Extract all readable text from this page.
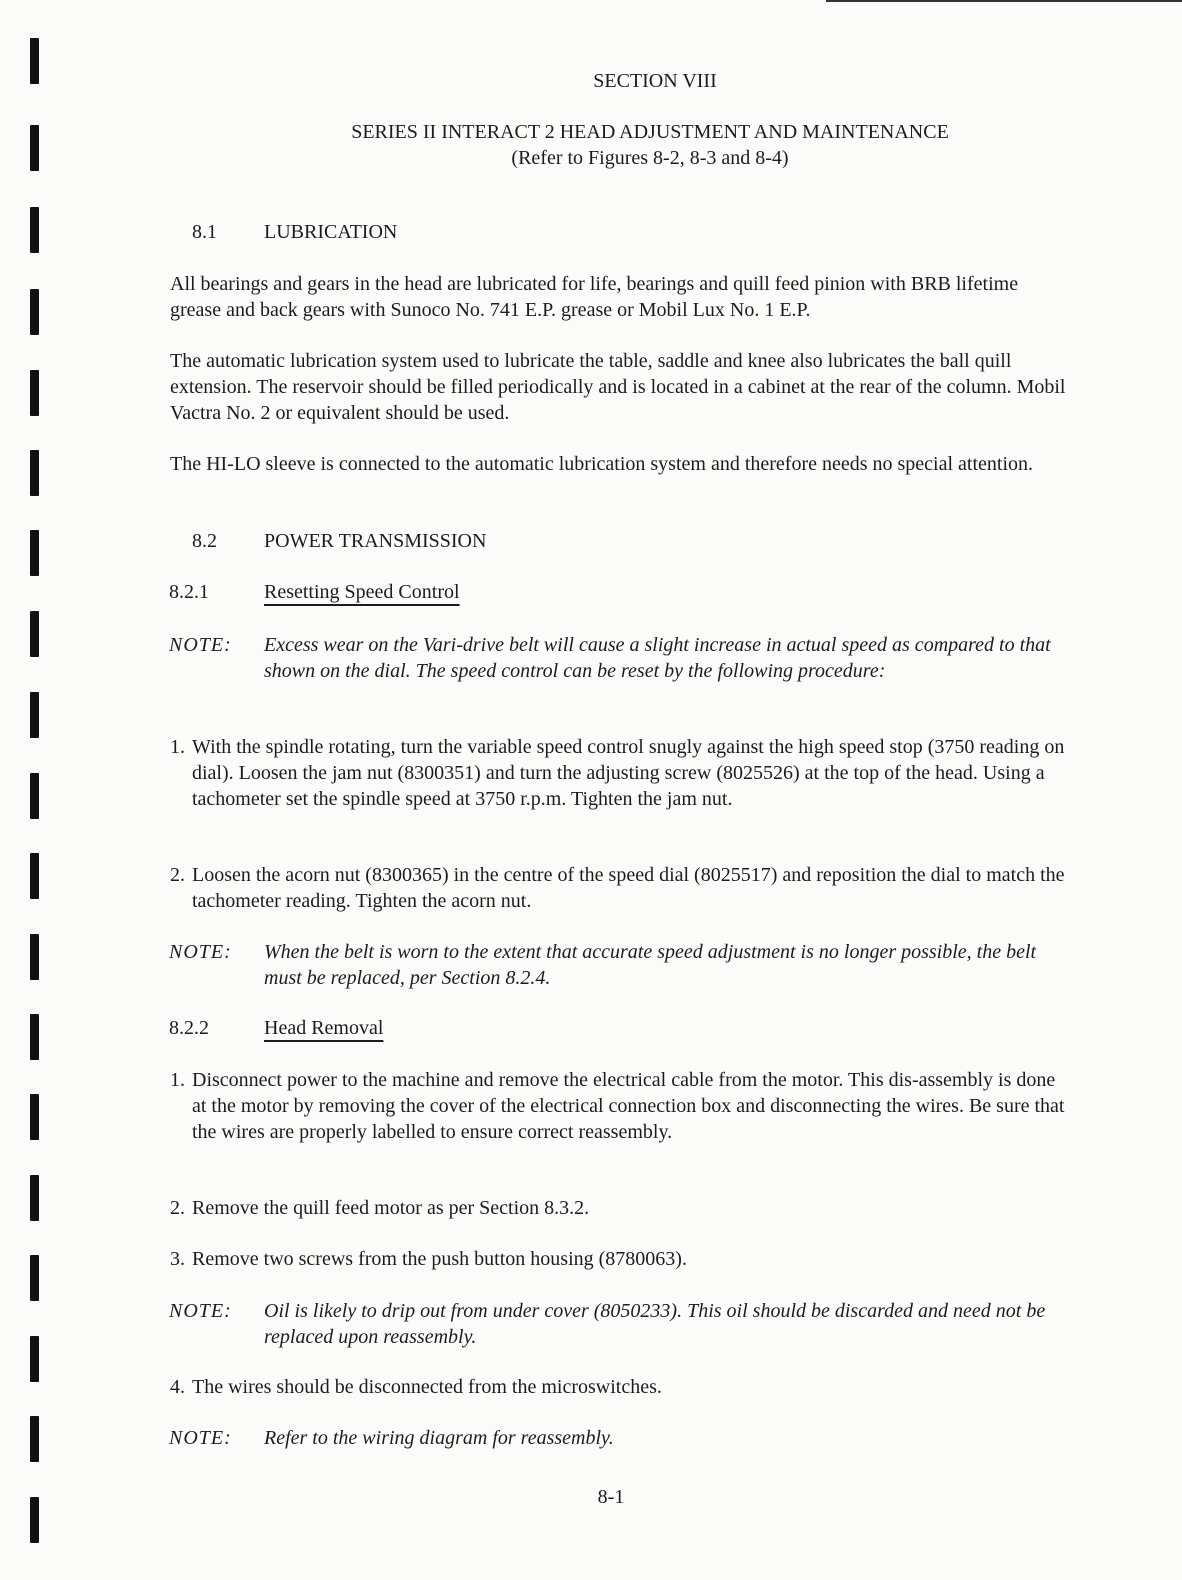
SECTION VIII
SERIES II INTERACT 2 HEAD ADJUSTMENT AND MAINTENANCE
(Refer to Figures 8-2, 8-3 and 8-4)
8.1 LUBRICATION
All bearings and gears in the head are lubricated for life, bearings and quill feed pinion with BRB lifetime grease and back gears with Sunoco No. 741 E.P. grease or Mobil Lux No. 1 E.P.
The automatic lubrication system used to lubricate the table, saddle and knee also lubricates the ball quill extension. The reservoir should be filled periodically and is located in a cabinet at the rear of the column. Mobil Vactra No. 2 or equivalent should be used.
The HI-LO sleeve is connected to the automatic lubrication system and therefore needs no special attention.
8.2 POWER TRANSMISSION
8.2.1	Resetting Speed Control
NOTE: Excess wear on the Vari-drive belt will cause a slight increase in actual speed as compared to that shown on the dial. The speed control can be reset by the following procedure:
1. With the spindle rotating, turn the variable speed control snugly against the high speed stop (3750 reading on dial). Loosen the jam nut (8300351) and turn the adjusting screw (8025526) at the top of the head. Using a tachometer set the spindle speed at 3750 r.p.m. Tighten the jam nut.
2. Loosen the acorn nut (8300365) in the centre of the speed dial (8025517) and reposition the dial to match the tachometer reading. Tighten the acorn nut.
NOTE: When the belt is worn to the extent that accurate speed adjustment is no longer possible, the belt must be replaced, per Section 8.2.4.
8.2.2	Head Removal
1. Disconnect power to the machine and remove the electrical cable from the motor. This dis-assembly is done at the motor by removing the cover of the electrical connection box and disconnecting the wires. Be sure that the wires are properly labelled to ensure correct reassembly.
2. Remove the quill feed motor as per Section 8.3.2.
3. Remove two screws from the push button housing (8780063).
NOTE: Oil is likely to drip out from under cover (8050233). This oil should be discarded and need not be replaced upon reassembly.
4. The wires should be disconnected from the microswitches.
NOTE: Refer to the wiring diagram for reassembly.
8-1
